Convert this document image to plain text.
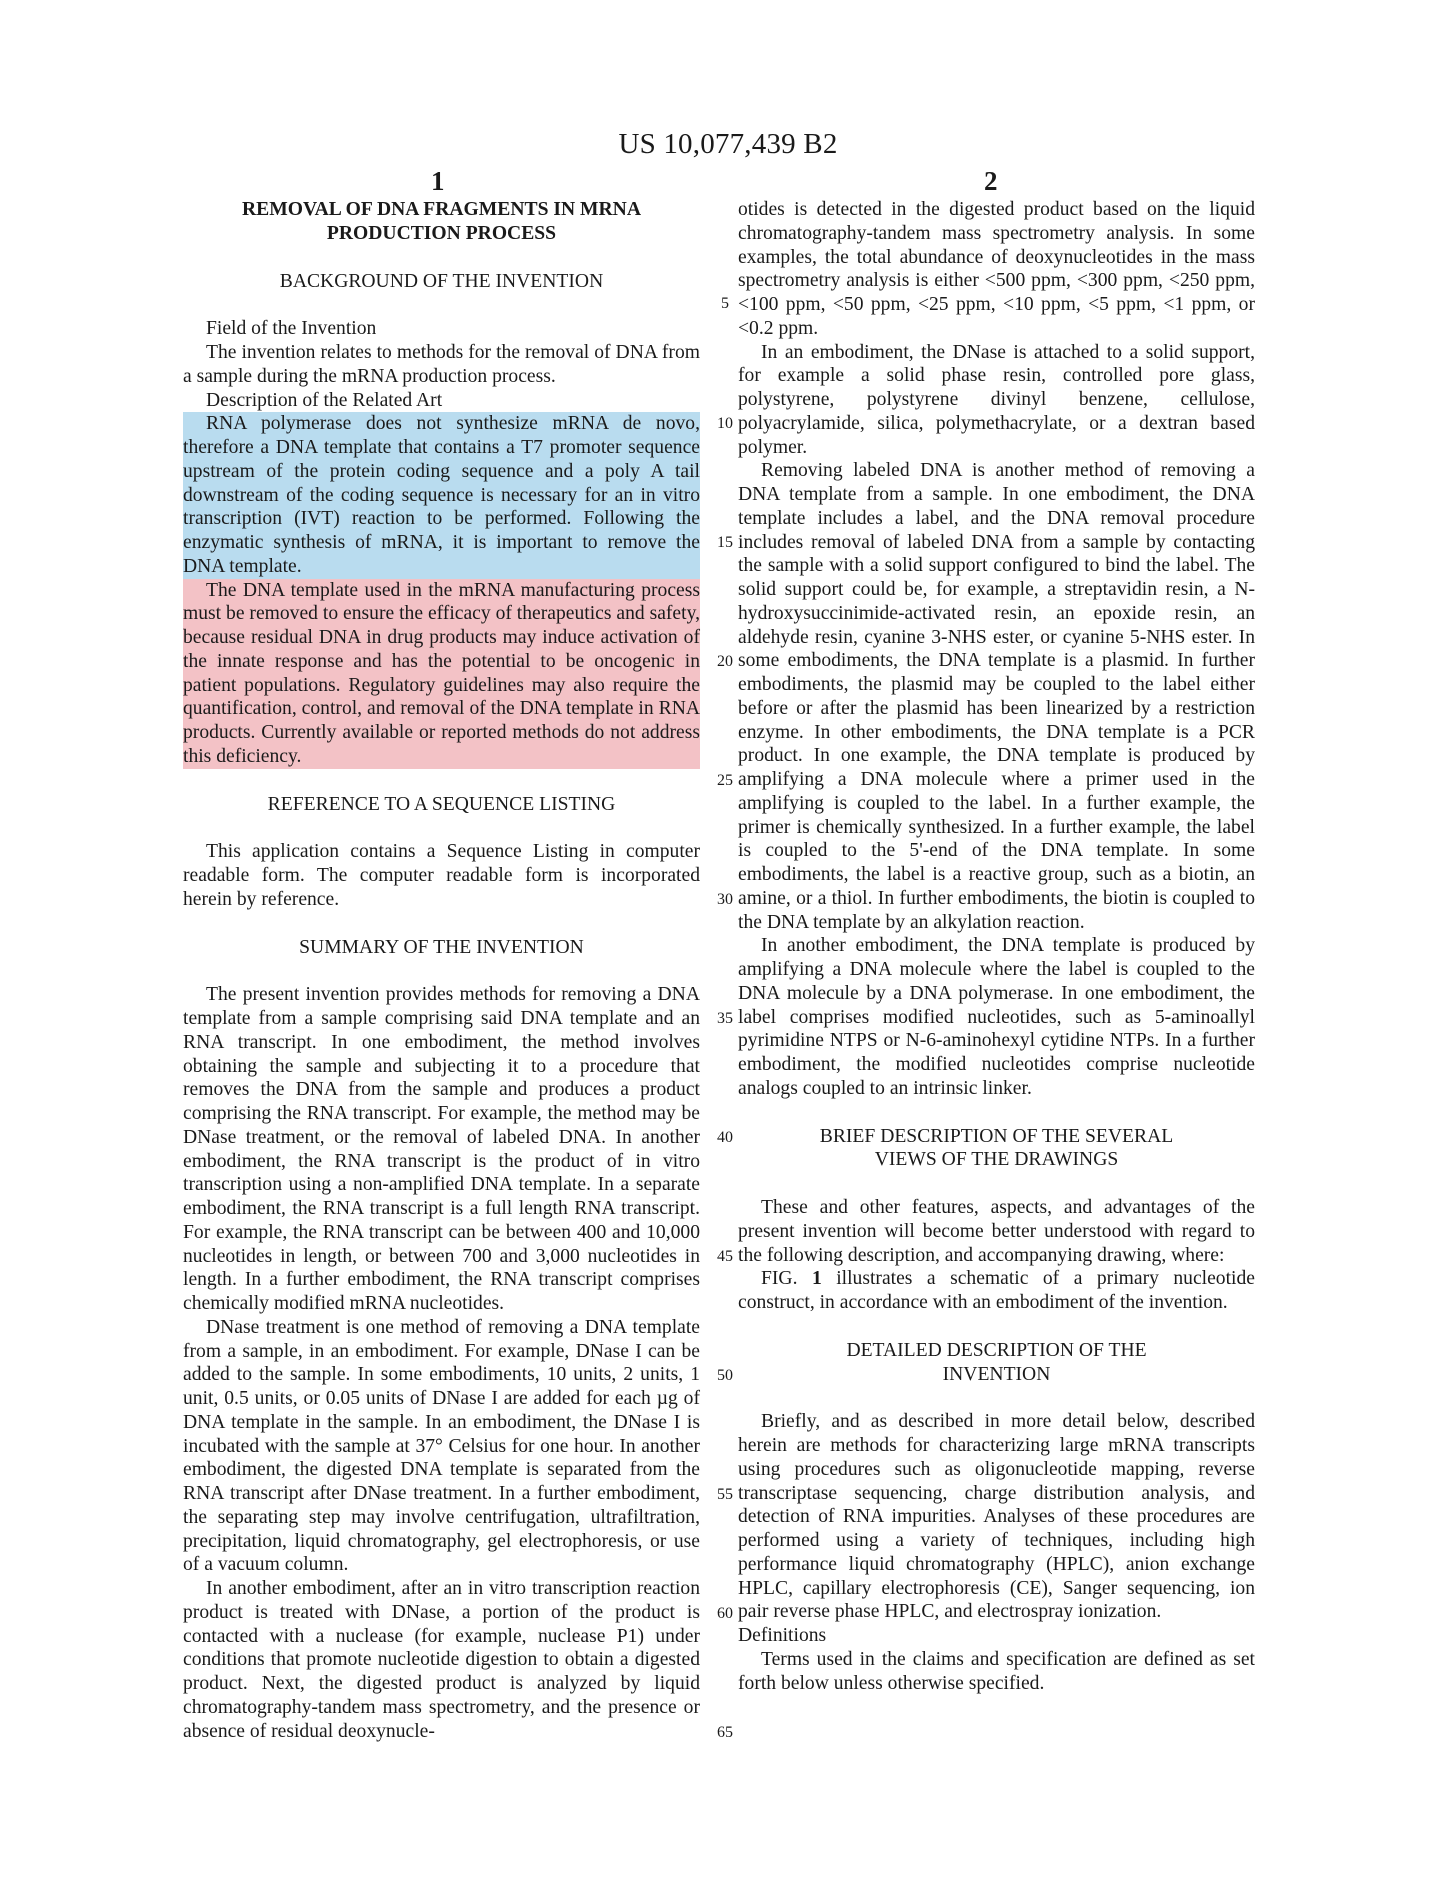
US 10,077,439 B2
1	2

REMOVAL OF DNA FRAGMENTS IN MRNA

PRODUCTION PROCESS

BACKGROUND OF THE INVENTION

Field of the Invention

The invention relates to methods for the removal of DNA from a sample during the mRNA production process.

Description of the Related Art

RNA polymerase does not synthesize mRNA de novo, therefore a DNA template that contains a T7 promoter sequence upstream of the protein coding sequence and a poly A tail downstream of the coding sequence is necessary for an in vitro transcription (IVT) reaction to be performed. Following the enzymatic synthesis of mRNA, it is important to remove the DNA template.

The DNA template used in the mRNA manufacturing process must be removed to ensure the efficacy of therapeutics and safety, because residual DNA in drug products may induce activation of the innate response and has the potential to be oncogenic in patient populations. Regulatory guidelines may also require the quantification, control, and removal of the DNA template in RNA products. Currently available or reported methods do not address this deficiency.

REFERENCE TO A SEQUENCE LISTING

This application contains a Sequence Listing in computer readable form. The computer readable form is incorporated herein by reference.

SUMMARY OF THE INVENTION

The present invention provides methods for removing a DNA template from a sample comprising said DNA template and an RNA transcript. In one embodiment, the method involves obtaining the sample and subjecting it to a procedure that removes the DNA from the sample and produces a product comprising the RNA transcript. For example, the method may be DNase treatment, or the removal of labeled DNA. In another embodiment, the RNA transcript is the product of in vitro transcription using a non-amplified DNA template. In a separate embodiment, the RNA transcript is a full length RNA transcript. For example, the RNA transcript can be between 400 and 10,000 nucleotides in length, or between 700 and 3,000 nucleotides in length. In a further embodiment, the RNA transcript comprises chemically modified mRNA nucleotides.

DNase treatment is one method of removing a DNA template from a sample, in an embodiment. For example, DNase I can be added to the sample. In some embodiments, 10 units, 2 units, 1 unit, 0.5 units, or 0.05 units of DNase I are added for each µg of DNA template in the sample. In an embodiment, the DNase I is incubated with the sample at 37° Celsius for one hour. In another embodiment, the digested DNA template is separated from the RNA transcript after DNase treatment. In a further embodiment, the separating step may involve centrifugation, ultrafiltration, precipitation, liquid chromatography, gel electrophoresis, or use of a vacuum column.

In another embodiment, after an in vitro transcription reaction product is treated with DNase, a portion of the product is contacted with a nuclease (for example, nuclease P1) under conditions that promote nucleotide digestion to obtain a digested product. Next, the digested product is analyzed by liquid chromatography-tandem mass spectrometry, and the presence or absence of residual deoxynucle-

5
10
15
20
25
30
35
40
45
50
55
60
65

otides is detected in the digested product based on the liquid chromatography-tandem mass spectrometry analysis. In some examples, the total abundance of deoxynucleotides in the mass spectrometry analysis is either <500 ppm, <300 ppm, <250 ppm, <100 ppm, <50 ppm, <25 ppm, <10 ppm, <5 ppm, <1 ppm, or <0.2 ppm.

In an embodiment, the DNase is attached to a solid support, for example a solid phase resin, controlled pore glass, polystyrene, polystyrene divinyl benzene, cellulose, polyacrylamide, silica, polymethacrylate, or a dextran based polymer.

Removing labeled DNA is another method of removing a DNA template from a sample. In one embodiment, the DNA template includes a label, and the DNA removal procedure includes removal of labeled DNA from a sample by contacting the sample with a solid support configured to bind the label. The solid support could be, for example, a streptavidin resin, a N-hydroxysuccinimide-activated resin, an epoxide resin, an aldehyde resin, cyanine 3-NHS ester, or cyanine 5-NHS ester. In some embodiments, the DNA template is a plasmid. In further embodiments, the plasmid may be coupled to the label either before or after the plasmid has been linearized by a restriction enzyme. In other embodiments, the DNA template is a PCR product. In one example, the DNA template is produced by amplifying a DNA molecule where a primer used in the amplifying is coupled to the label. In a further example, the primer is chemically synthesized. In a further example, the label is coupled to the 5'-end of the DNA template. In some embodiments, the label is a reactive group, such as a biotin, an amine, or a thiol. In further embodiments, the biotin is coupled to the DNA template by an alkylation reaction.

In another embodiment, the DNA template is produced by amplifying a DNA molecule where the label is coupled to the DNA molecule by a DNA polymerase. In one embodiment, the label comprises modified nucleotides, such as 5-aminoallyl pyrimidine NTPS or N-6-aminohexyl cytidine NTPs. In a further embodiment, the modified nucleotides comprise nucleotide analogs coupled to an intrinsic linker.

BRIEF DESCRIPTION OF THE SEVERAL

VIEWS OF THE DRAWINGS

These and other features, aspects, and advantages of the present invention will become better understood with regard to the following description, and accompanying drawing, where:

FIG. 1 illustrates a schematic of a primary nucleotide construct, in accordance with an embodiment of the invention.

DETAILED DESCRIPTION OF THE

INVENTION

Briefly, and as described in more detail below, described herein are methods for characterizing large mRNA transcripts using procedures such as oligonucleotide mapping, reverse transcriptase sequencing, charge distribution analysis, and detection of RNA impurities. Analyses of these procedures are performed using a variety of techniques, including high performance liquid chromatography (HPLC), anion exchange HPLC, capillary electrophoresis (CE), Sanger sequencing, ion pair reverse phase HPLC, and electrospray ionization.

Definitions

Terms used in the claims and specification are defined as set forth below unless otherwise specified.
